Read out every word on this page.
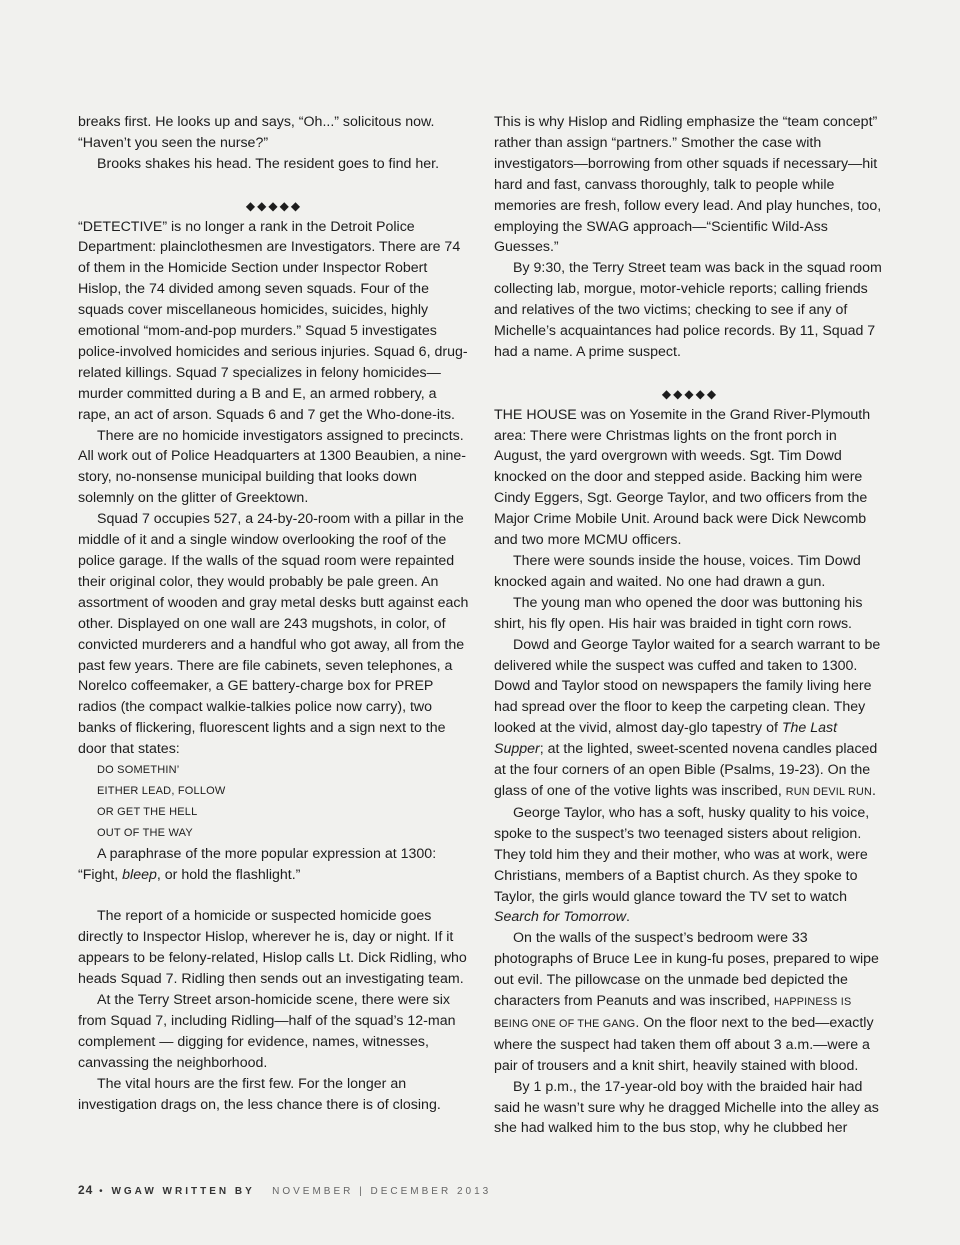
breaks first. He looks up and says, “Oh...” solicitous now. “Haven’t you seen the nurse?”

Brooks shakes his head. The resident goes to find her.

◆◆◆◆◆

“DETECTIVE” is no longer a rank in the Detroit Police Department: plainclothesmen are Investigators. There are 74 of them in the Homicide Section under Inspector Robert Hislop, the 74 divided among seven squads. Four of the squads cover miscellaneous homicides, suicides, highly emotional “mom-and-pop murders.” Squad 5 investigates police-involved homicides and serious injuries. Squad 6, drug-related killings. Squad 7 specializes in felony homicides—murder committed during a B and E, an armed robbery, a rape, an act of arson. Squads 6 and 7 get the Who-done-its.

There are no homicide investigators assigned to precincts. All work out of Police Headquarters at 1300 Beaubien, a nine-story, no-nonsense municipal building that looks down solemnly on the glitter of Greektown.

Squad 7 occupies 527, a 24-by-20-room with a pillar in the middle of it and a single window overlooking the roof of the police garage. If the walls of the squad room were repainted their original color, they would probably be pale green. An assortment of wooden and gray metal desks butt against each other. Displayed on one wall are 243 mugshots, in color, of convicted murderers and a handful who got away, all from the past few years. There are file cabinets, seven telephones, a Norelco coffeemaker, a GE battery-charge box for PREP radios (the compact walkie-talkies police now carry), two banks of flickering, fluorescent lights and a sign next to the door that states:

DO SOMETHIN’

EITHER LEAD, FOLLOW

OR GET THE HELL

OUT OF THE WAY

A paraphrase of the more popular expression at 1300: “Fight, bleep, or hold the flashlight.”

The report of a homicide or suspected homicide goes directly to Inspector Hislop, wherever he is, day or night. If it appears to be felony-related, Hislop calls Lt. Dick Ridling, who heads Squad 7. Ridling then sends out an investigating team.

At the Terry Street arson-homicide scene, there were six from Squad 7, including Ridling—half of the squad’s 12-man complement — digging for evidence, names, witnesses, canvassing the neighborhood.

The vital hours are the first few. For the longer an investigation drags on, the less chance there is of closing.

This is why Hislop and Ridling emphasize the “team concept” rather than assign “partners.” Smother the case with investigators—borrowing from other squads if necessary—hit hard and fast, canvass thoroughly, talk to people while memories are fresh, follow every lead. And play hunches, too, employing the SWAG approach—“Scientific Wild-Ass Guesses.”

By 9:30, the Terry Street team was back in the squad room collecting lab, morgue, motor-vehicle reports; calling friends and relatives of the two victims; checking to see if any of Michelle’s acquaintances had police records. By 11, Squad 7 had a name. A prime suspect.

◆◆◆◆◆

THE HOUSE was on Yosemite in the Grand River-Plymouth area: There were Christmas lights on the front porch in August, the yard overgrown with weeds. Sgt. Tim Dowd knocked on the door and stepped aside. Backing him were Cindy Eggers, Sgt. George Taylor, and two officers from the Major Crime Mobile Unit. Around back were Dick Newcomb and two more MCMU officers.

There were sounds inside the house, voices. Tim Dowd knocked again and waited. No one had drawn a gun.

The young man who opened the door was buttoning his shirt, his fly open. His hair was braided in tight corn rows.

Dowd and George Taylor waited for a search warrant to be delivered while the suspect was cuffed and taken to 1300. Dowd and Taylor stood on newspapers the family living here had spread over the floor to keep the carpeting clean. They looked at the vivid, almost day-glo tapestry of The Last Supper; at the lighted, sweet-scented novena candles placed at the four corners of an open Bible (Psalms, 19-23). On the glass of one of the votive lights was inscribed, RUN DEVIL RUN.

George Taylor, who has a soft, husky quality to his voice, spoke to the suspect’s two teenaged sisters about religion. They told him they and their mother, who was at work, were Christians, members of a Baptist church. As they spoke to Taylor, the girls would glance toward the TV set to watch Search for Tomorrow.

On the walls of the suspect’s bedroom were 33 photographs of Bruce Lee in kung-fu poses, prepared to wipe out evil. The pillowcase on the unmade bed depicted the characters from Peanuts and was inscribed, HAPPINESS IS BEING ONE OF THE GANG. On the floor next to the bed—exactly where the suspect had taken them off about 3 a.m.—were a pair of trousers and a knit shirt, heavily stained with blood.

By 1 p.m., the 17-year-old boy with the braided hair had said he wasn’t sure why he dragged Michelle into the alley as she had walked him to the bus stop, why he clubbed her

24 • WGAW WRITTEN BY NOVEMBER | DECEMBER 2013
